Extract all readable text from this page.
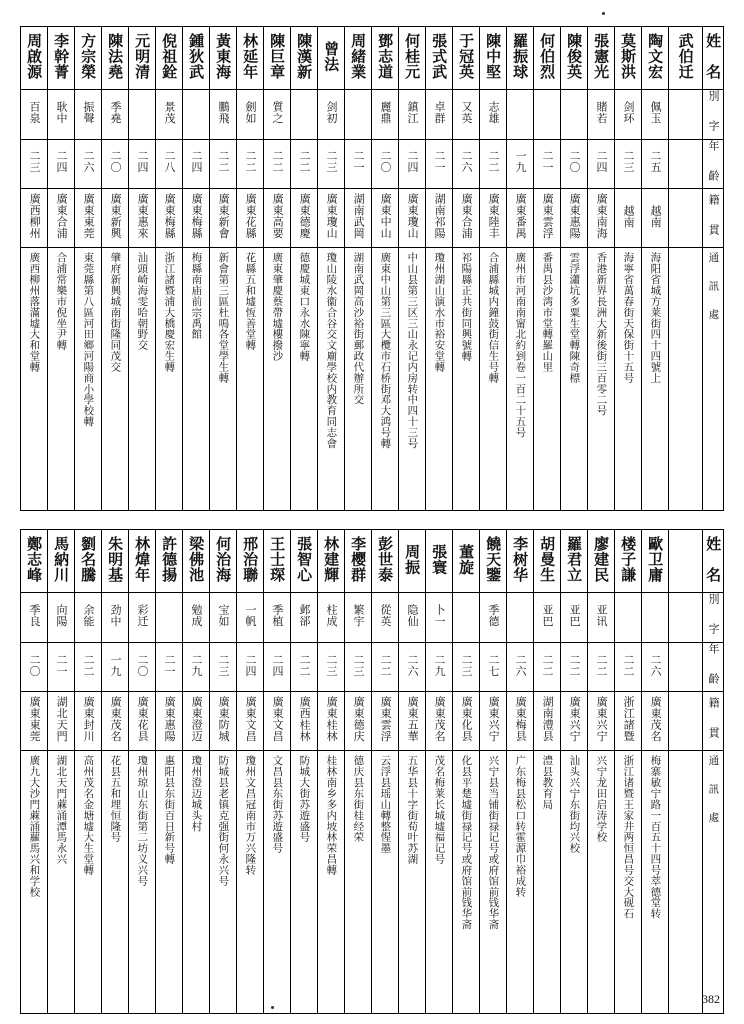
周啟源	李幹菁	方宗榮	陳法堯	元明清	倪祖銓	鍾狄武	黃東海	林延年	陳巨章	陳漢新	曾法	周緒業	鄧志道	何桂元	張式武	于冠英	陳中堅	羅振球	何伯烈	陳俊英	張憲光	莫斯洪	陶文宏	武伯迁	姓　名
百泉	耿中	振聲	季堯		景茂		鵬飛	劍如	質之		剑初		麗鼎	鎮江	卓群	又英	志雄				賭若	剑环	佩玉		別　字
二三	二四	二六	二〇	二四	二八	二四	二二	二二	二二	二二	二三	二一	二〇	二四	二一	二六	二二	一九	二一	二〇	二四	二三	二五		年　齡
廣西柳州	廣東合浦	廣東東莞	廣東新興	廣東惠來	廣東梅縣	廣東梅縣	廣東新會	廣東花縣	廣東高要	廣東德慶	廣東瓊山	湖南武岡	廣東中山	廣東瓊山	湖南祁陽	廣東合浦	廣東陸丰	廣東番禺	廣東雲浮	廣東惠陽	廣東南海	越南	越南		籍　貫
廣西柳州落滿墟大和堂轉	合浦常樂市倪坐尹轉	東莞縣第八區河田鄉河陽商小學校轉	肇府新興城南街隆同茂交	汕頭崎海雯哈朝野交	浙江諸暨浦大橋慶宏生轉	梅縣南庙前宗禹館	新會第三區杜鳴各堂學生轉	花縣五和墟恆善堂轉	廣東肇慶蔡帶墟樓撥沙	德慶城東口永水陳寧轉	瓊山陵水衞合谷交文廟學校内教育同志會	湖南武岡高沙裕街郵政代辦所交	廣東中山第三區大欖市石桥街邓大鸿号轉	中山县第三区三山永记内房转中四十三号	瓊州湖山演水市裕安堂轉	祁陽縣正共街同興號轉	合浦縣城内鐘鼓街信生号轉	廣州市河南南甯北約到卷一百二十五号	番禺县沙湾市堂轉羅山里	雲浮瀟坑多粟生堂轉陳奇標	香港新界長洲大新後街三百零二号	海寧省萬春街天保街十五号	海阳省城方莱街四十四號上		通　訊　處
鄭志峰	馬納川	劉名騰	朱明基	林煒年	許德揚	梁佛池	何治海	邢治聯	王士琛	張智心	林建輝	李樱群	彭世泰	周振	張寰	董旋	饒天鑒	李树华	胡曼生	羅君立	廖建民	楼子謙	歐卫庸		姓　名
季良	向陽	余能	劲中	彩迁		勉成	宝如	一帆	季植	邺郤	柱成	繁宇	從英	隐仙	卜一		季德		亚巴	亚巴	亚讯				別　字
二〇	二一	二二	一九	二〇	二一	二九	二三	二四	二四	二二	二三	二三	二二	二六	二九	二三	二七	二六	二二	二二	二二	二二	二六		年　齡
廣東東莞	湖北天門	廣東封川	廣東茂名	廣東花县	廣東惠陽	廣東澄迈	廣東防城	廣東文昌	廣東文昌	廣西桂林	廣東桂林	廣東德庆	廣東雲浮	廣東五華	廣東茂名	廣東化县	廣東兴宁	廣東梅县	湖南澧县	廣東兴宁	廣東兴宁	浙江諸暨	廣東茂名		籍　貫
廣九大沙門蔴涌蘿馬兴和学校	湖北天門蔴涌潭馬永兴	高州茂名金塘墟大生堂轉	花县五和埋恒隆号	瓊州琼山东街第二坊义兴号	惠阳县东街百日新号轉	瓊州澄迈城头村	防城县老镇克强街何永兴号	瓊州文昌冠南市万兴隆转	文昌县东街苏遊盛号	防城大街苏遊盛号	桂林南乡多内坡林荣昌轉	德庆县东街桂经荣	云浮县瑶山轉整惺墨	五华县十字街荀叶苏湖	茂名梅莱长城墟福记号	化县平楚墟街禄记号或府馆前钱华斋	兴宁县当铺街禄记号或府馆前钱华斋	广东梅县松口转霍源巾裕成转	澧县教育局	汕头兴宁东街均兴校	兴宁龙田启涛学校	浙江诸暨王家井两恒昌号交大砚石	梅寨敏宁路一百五十四号萃德堂转		通　訊　處
382
